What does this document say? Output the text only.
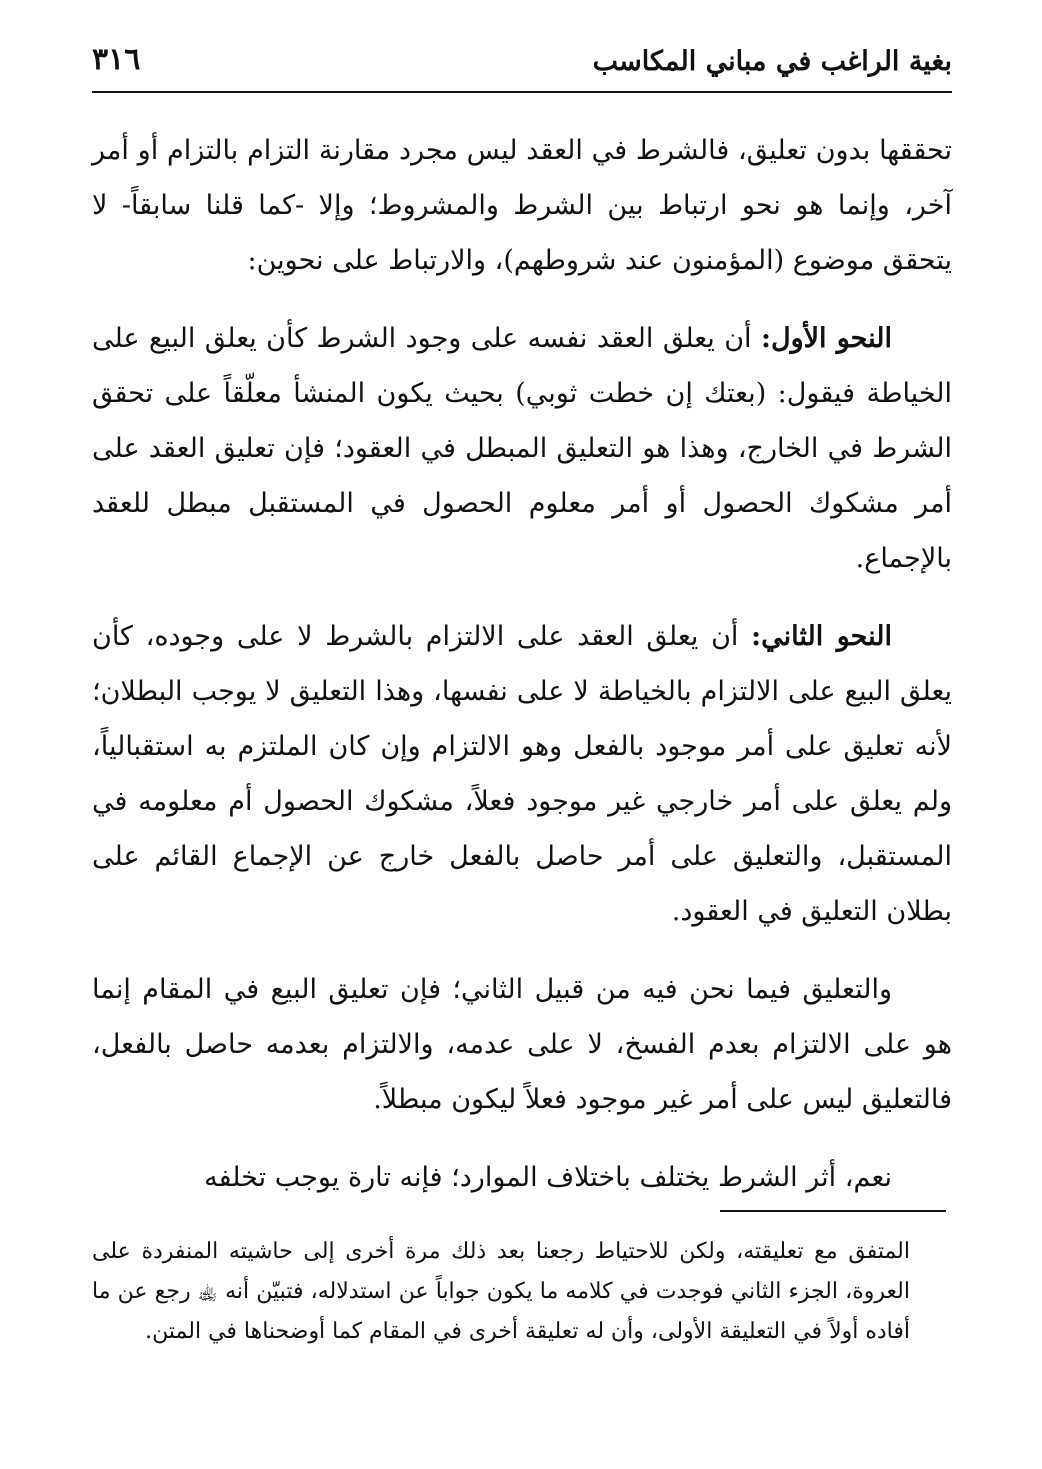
بغية الراغب في مباني المكاسب
٣١٦

تحققها بدون تعليق، فالشرط في العقد ليس مجرد مقارنة التزام بالتزام أو أمر آخر، وإنما هو نحو ارتباط بين الشرط والمشروط؛ وإلا -كما قلنا سابقاً- لا يتحقق موضوع (المؤمنون عند شروطهم)، والارتباط على نحوين:

النحو الأول: أن يعلق العقد نفسه على وجود الشرط كأن يعلق البيع على الخياطة فيقول: (بعتك إن خطت ثوبي) بحيث يكون المنشأ معلّقاً على تحقق الشرط في الخارج، وهذا هو التعليق المبطل في العقود؛ فإن تعليق العقد على أمر مشكوك الحصول أو أمر معلوم الحصول في المستقبل مبطل للعقد بالإجماع.

النحو الثاني: أن يعلق العقد على الالتزام بالشرط لا على وجوده، كأن يعلق البيع على الالتزام بالخياطة لا على نفسها، وهذا التعليق لا يوجب البطلان؛ لأنه تعليق على أمر موجود بالفعل وهو الالتزام وإن كان الملتزم به استقبالياً، ولم يعلق على أمر خارجي غير موجود فعلاً، مشكوك الحصول أم معلومه في المستقبل، والتعليق على أمر حاصل بالفعل خارج عن الإجماع القائم على بطلان التعليق في العقود.

والتعليق فيما نحن فيه من قبيل الثاني؛ فإن تعليق البيع في المقام إنما هو على الالتزام بعدم الفسخ، لا على عدمه، والالتزام بعدمه حاصل بالفعل، فالتعليق ليس على أمر غير موجود فعلاً ليكون مبطلاً.

نعم، أثر الشرط يختلف باختلاف الموارد؛ فإنه تارة يوجب تخلفه

المتفق مع تعليقته، ولكن للاحتياط رجعنا بعد ذلك مرة أخرى إلى حاشيته المنفردة على العروة، الجزء الثاني فوجدت في كلامه ما يكون جواباً عن استدلاله، فتبيّن أنه ﵀ رجع عن ما أفاده أولاً في التعليقة الأولى، وأن له تعليقة أخرى في المقام كما أوضحناها في المتن.
